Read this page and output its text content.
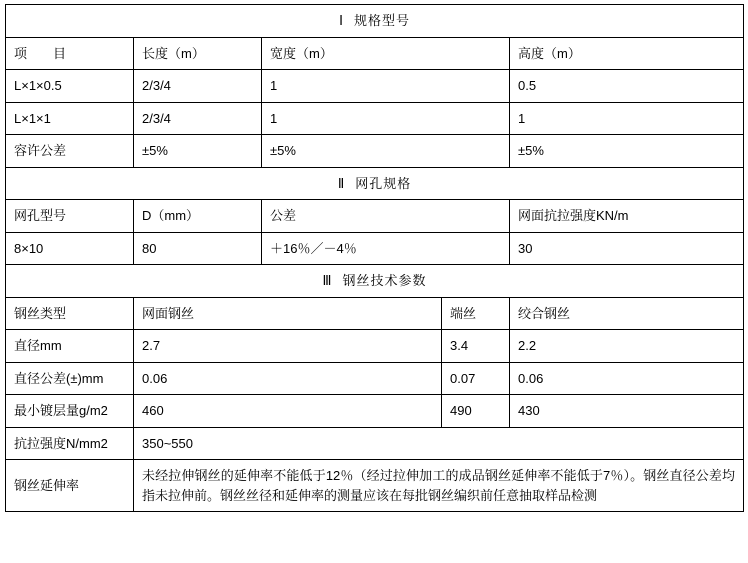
Ⅰ 规格型号				
项　　目	长度（m）	宽度（m）		高度（m）
L×1×0.5	2/3/4	1		0.5
L×1×1	2/3/4	1		1
容许公差	±5%	±5%		±5%
Ⅱ 网孔规格				
网孔型号	D（mm）	公差		网面抗拉强度KN/m
8×10	80	＋16％／－4％		30
Ⅲ 钢丝技术参数				
钢丝类型	网面钢丝		端丝	绞合钢丝
直径mm	2.7		3.4	2.2
直径公差(±)mm	0.06		0.07	0.06
最小镀层量g/m2	460		490	430
抗拉强度N/mm2	350~550			
钢丝延伸率	未经拉伸钢丝的延伸率不能低于12％（经过拉伸加工的成品钢丝延伸率不能低于7％）。钢丝直径公差均指未拉伸前。钢丝丝径和延伸率的测量应该在每批钢丝编织前任意抽取样品检测			
